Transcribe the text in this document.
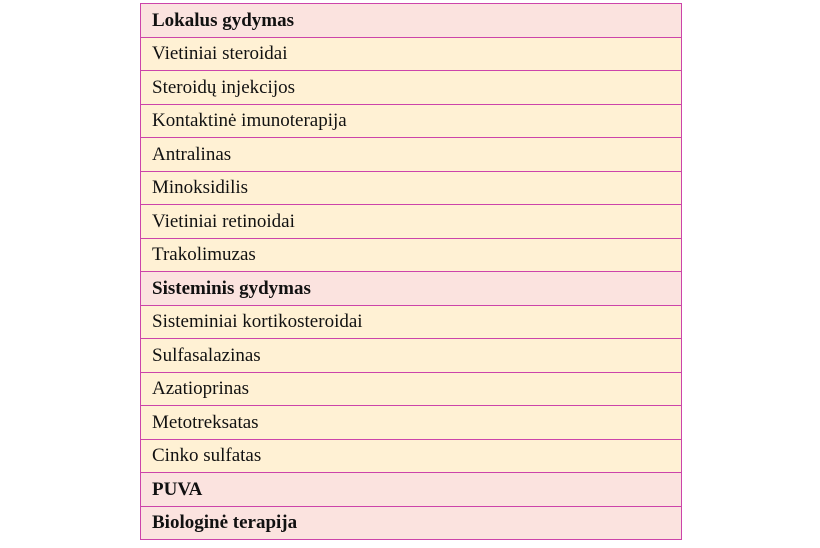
Lokalus gydymas
Vietiniai steroidai
Steroidų injekcijos
Kontaktinė imunoterapija
Antralinas
Minoksidilis
Vietiniai retinoidai
Trakolimuzas
Sisteminis gydymas
Sisteminiai kortikosteroidai
Sulfasalazinas
Azatioprinas
Metotreksatas
Cinko sulfatas
PUVA
Biologinė terapija
